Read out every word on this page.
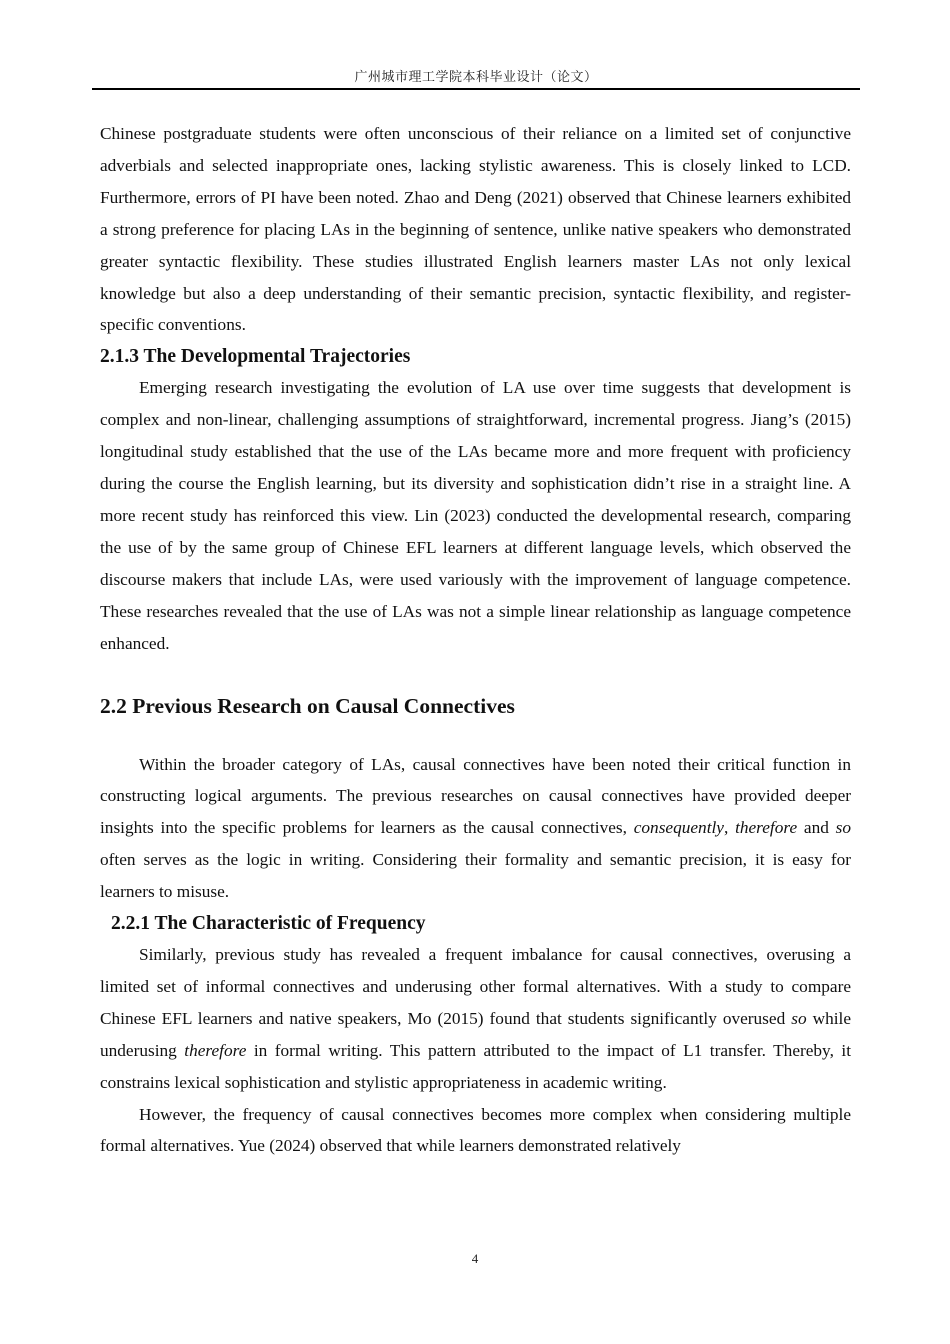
广州城市理工学院本科毕业设计（论文）

Chinese postgraduate students were often unconscious of their reliance on a limited set of conjunctive adverbials and selected inappropriate ones, lacking stylistic awareness. This is closely linked to LCD. Furthermore, errors of PI have been noted. Zhao and Deng (2021) observed that Chinese learners exhibited a strong preference for placing LAs in the beginning of sentence, unlike native speakers who demonstrated greater syntactic flexibility. These studies illustrated English learners master LAs not only lexical knowledge but also a deep understanding of their semantic precision, syntactic flexibility, and register-specific conventions.

2.1.3 The Developmental Trajectories

Emerging research investigating the evolution of LA use over time suggests that development is complex and non-linear, challenging assumptions of straightforward, incremental progress. Jiang’s (2015) longitudinal study established that the use of the LAs became more and more frequent with proficiency during the course the English learning, but its diversity and sophistication didn’t rise in a straight line. A more recent study has reinforced this view. Lin (2023) conducted the developmental research, comparing the use of by the same group of Chinese EFL learners at different language levels, which observed the discourse makers that include LAs, were used variously with the improvement of language competence. These researches revealed that the use of LAs was not a simple linear relationship as language competence enhanced.

2.2 Previous Research on Causal Connectives

Within the broader category of LAs, causal connectives have been noted their critical function in constructing logical arguments. The previous researches on causal connectives have provided deeper insights into the specific problems for learners as the causal connectives, consequently, therefore and so often serves as the logic in writing. Considering their formality and semantic precision, it is easy for learners to misuse.

2.2.1 The Characteristic of Frequency

Similarly, previous study has revealed a frequent imbalance for causal connectives, overusing a limited set of informal connectives and underusing other formal alternatives. With a study to compare Chinese EFL learners and native speakers, Mo (2015) found that students significantly overused so while underusing therefore in formal writing. This pattern attributed to the impact of L1 transfer. Thereby, it constrains lexical sophistication and stylistic appropriateness in academic writing.

However, the frequency of causal connectives becomes more complex when considering multiple formal alternatives. Yue (2024) observed that while learners demonstrated relatively

4
